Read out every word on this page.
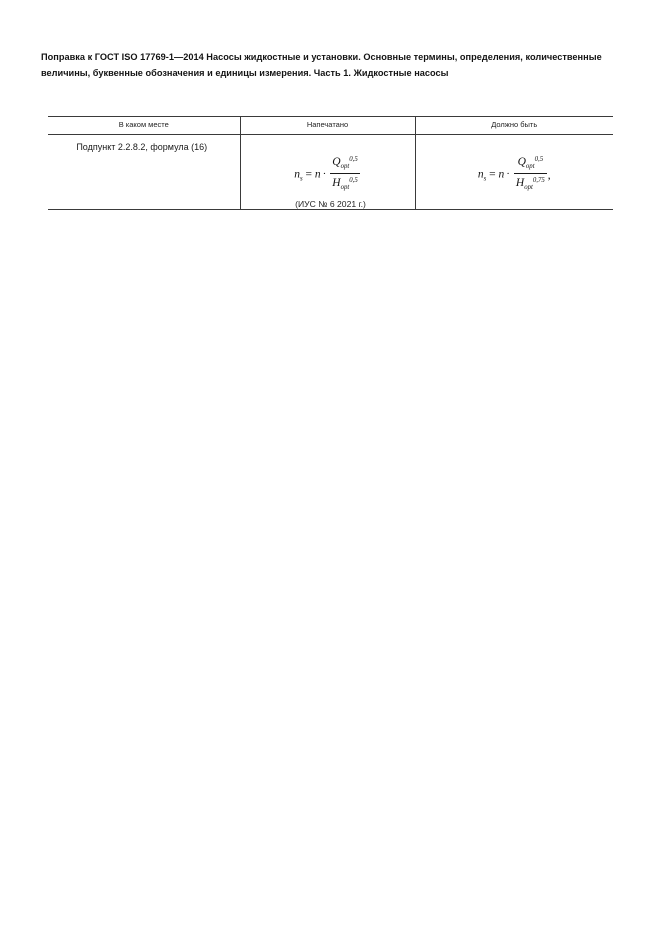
Поправка к ГОСТ ISO 17769-1—2014 Насосы жидкостные и установки. Основные термины, определения, количественные величины, буквенные обозначения и единицы измерения. Часть 1. Жидкостные насосы
В каком месте	Напечатано	Должно быть
Подпункт 2.2.8.2, формула (16)	$n_s = n \cdot \frac{Q_{opt}^{0,5}}{H_{opt}^{0,5}}$	$n_s = n \cdot \frac{Q_{opt}^{0,5}}{H_{opt}^{0,75}}$ ,
(ИУС № 6 2021 г.)
